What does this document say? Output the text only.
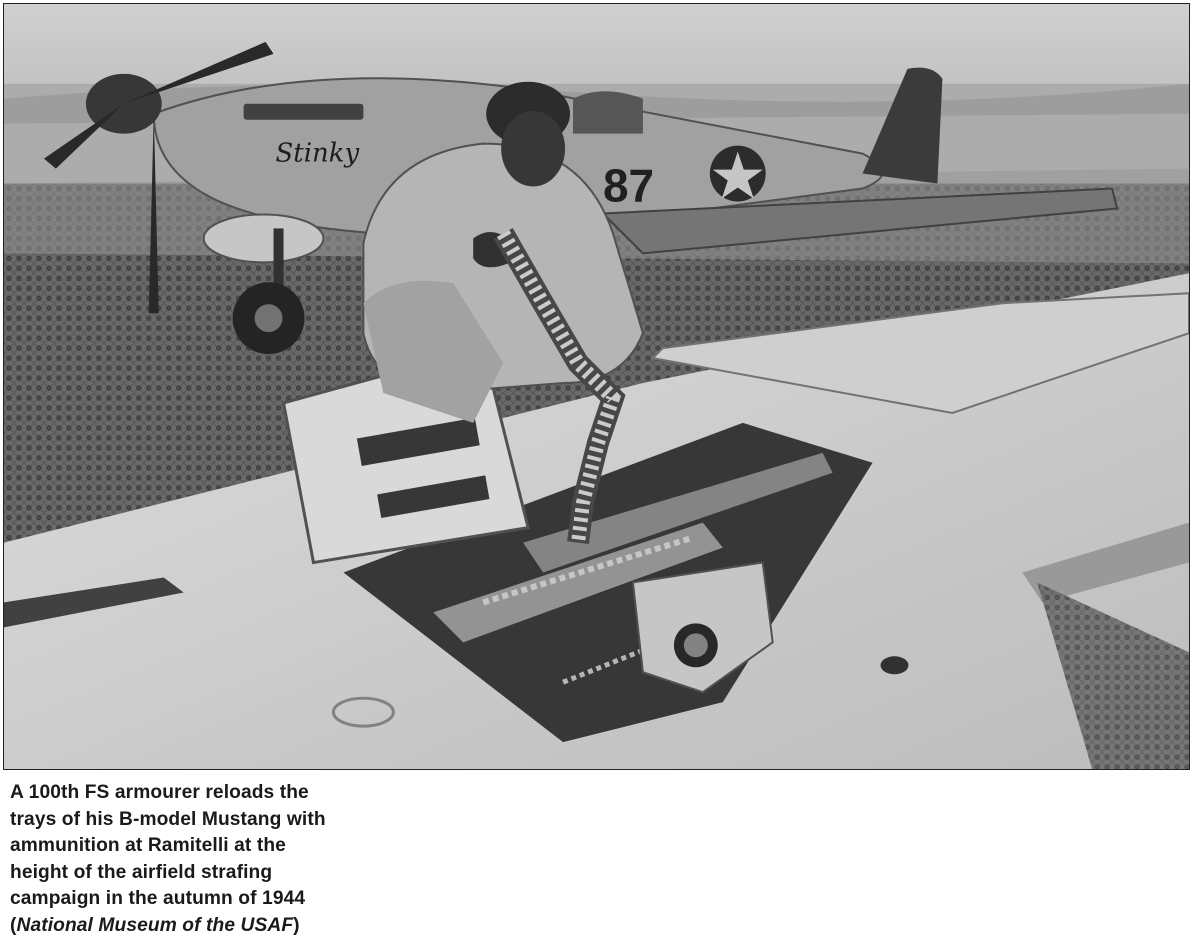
Stinky
87
A 100th FS armourer reloads the
trays of his B-model Mustang with
ammunition at Ramitelli at the
height of the airfield strafing
campaign in the autumn of 1944
(National Museum of the USAF)
